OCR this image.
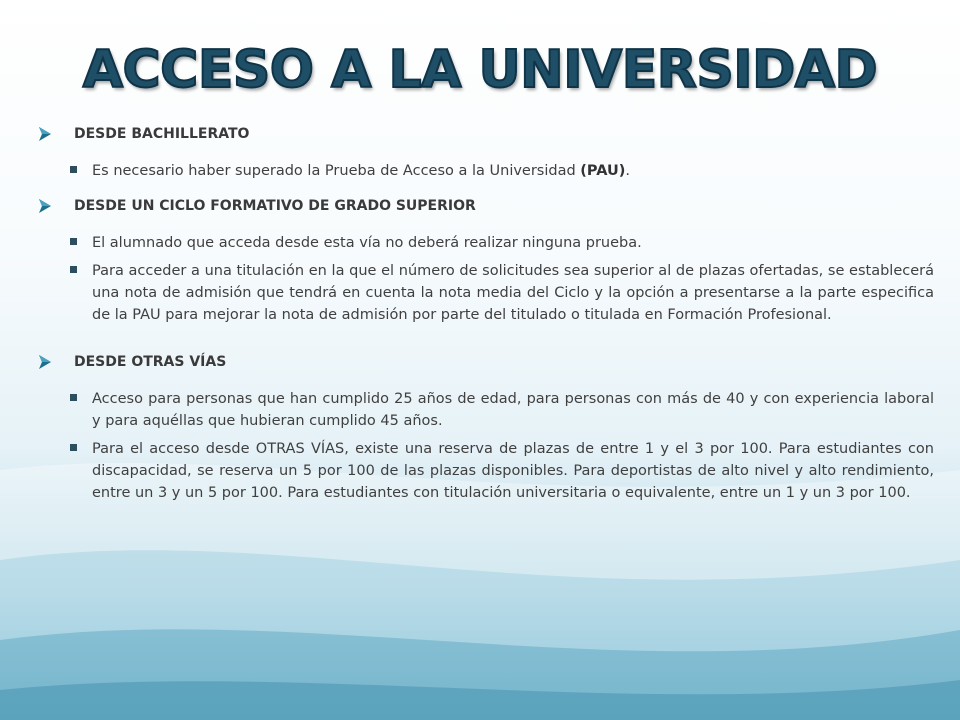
ACCESO A LA UNIVERSIDAD
DESDE BACHILLERATO
Es necesario haber superado la Prueba de Acceso a la Universidad (PAU).
DESDE UN CICLO FORMATIVO DE GRADO SUPERIOR
El alumnado que acceda desde esta vía no deberá realizar ninguna prueba.
Para acceder a una titulación en la que el número de solicitudes sea superior al de plazas ofertadas, se establecerá una nota de admisión que tendrá en cuenta la nota media del Ciclo y la opción a presentarse a la parte especifica de la PAU para mejorar la nota de admisión por parte del titulado o titulada en Formación Profesional.
DESDE OTRAS VÍAS
Acceso para personas que han cumplido 25 años de edad, para personas con más de 40 y con experiencia laboral y para aquéllas que hubieran cumplido 45 años.
Para el acceso desde OTRAS VÍAS, existe una reserva de plazas de entre 1 y el 3 por 100. Para estudiantes con discapacidad, se reserva un 5 por 100 de las plazas disponibles. Para deportistas de alto nivel y alto rendimiento, entre un 3 y un 5 por 100. Para estudiantes con titulación universitaria o equivalente, entre un 1 y un 3 por 100.
